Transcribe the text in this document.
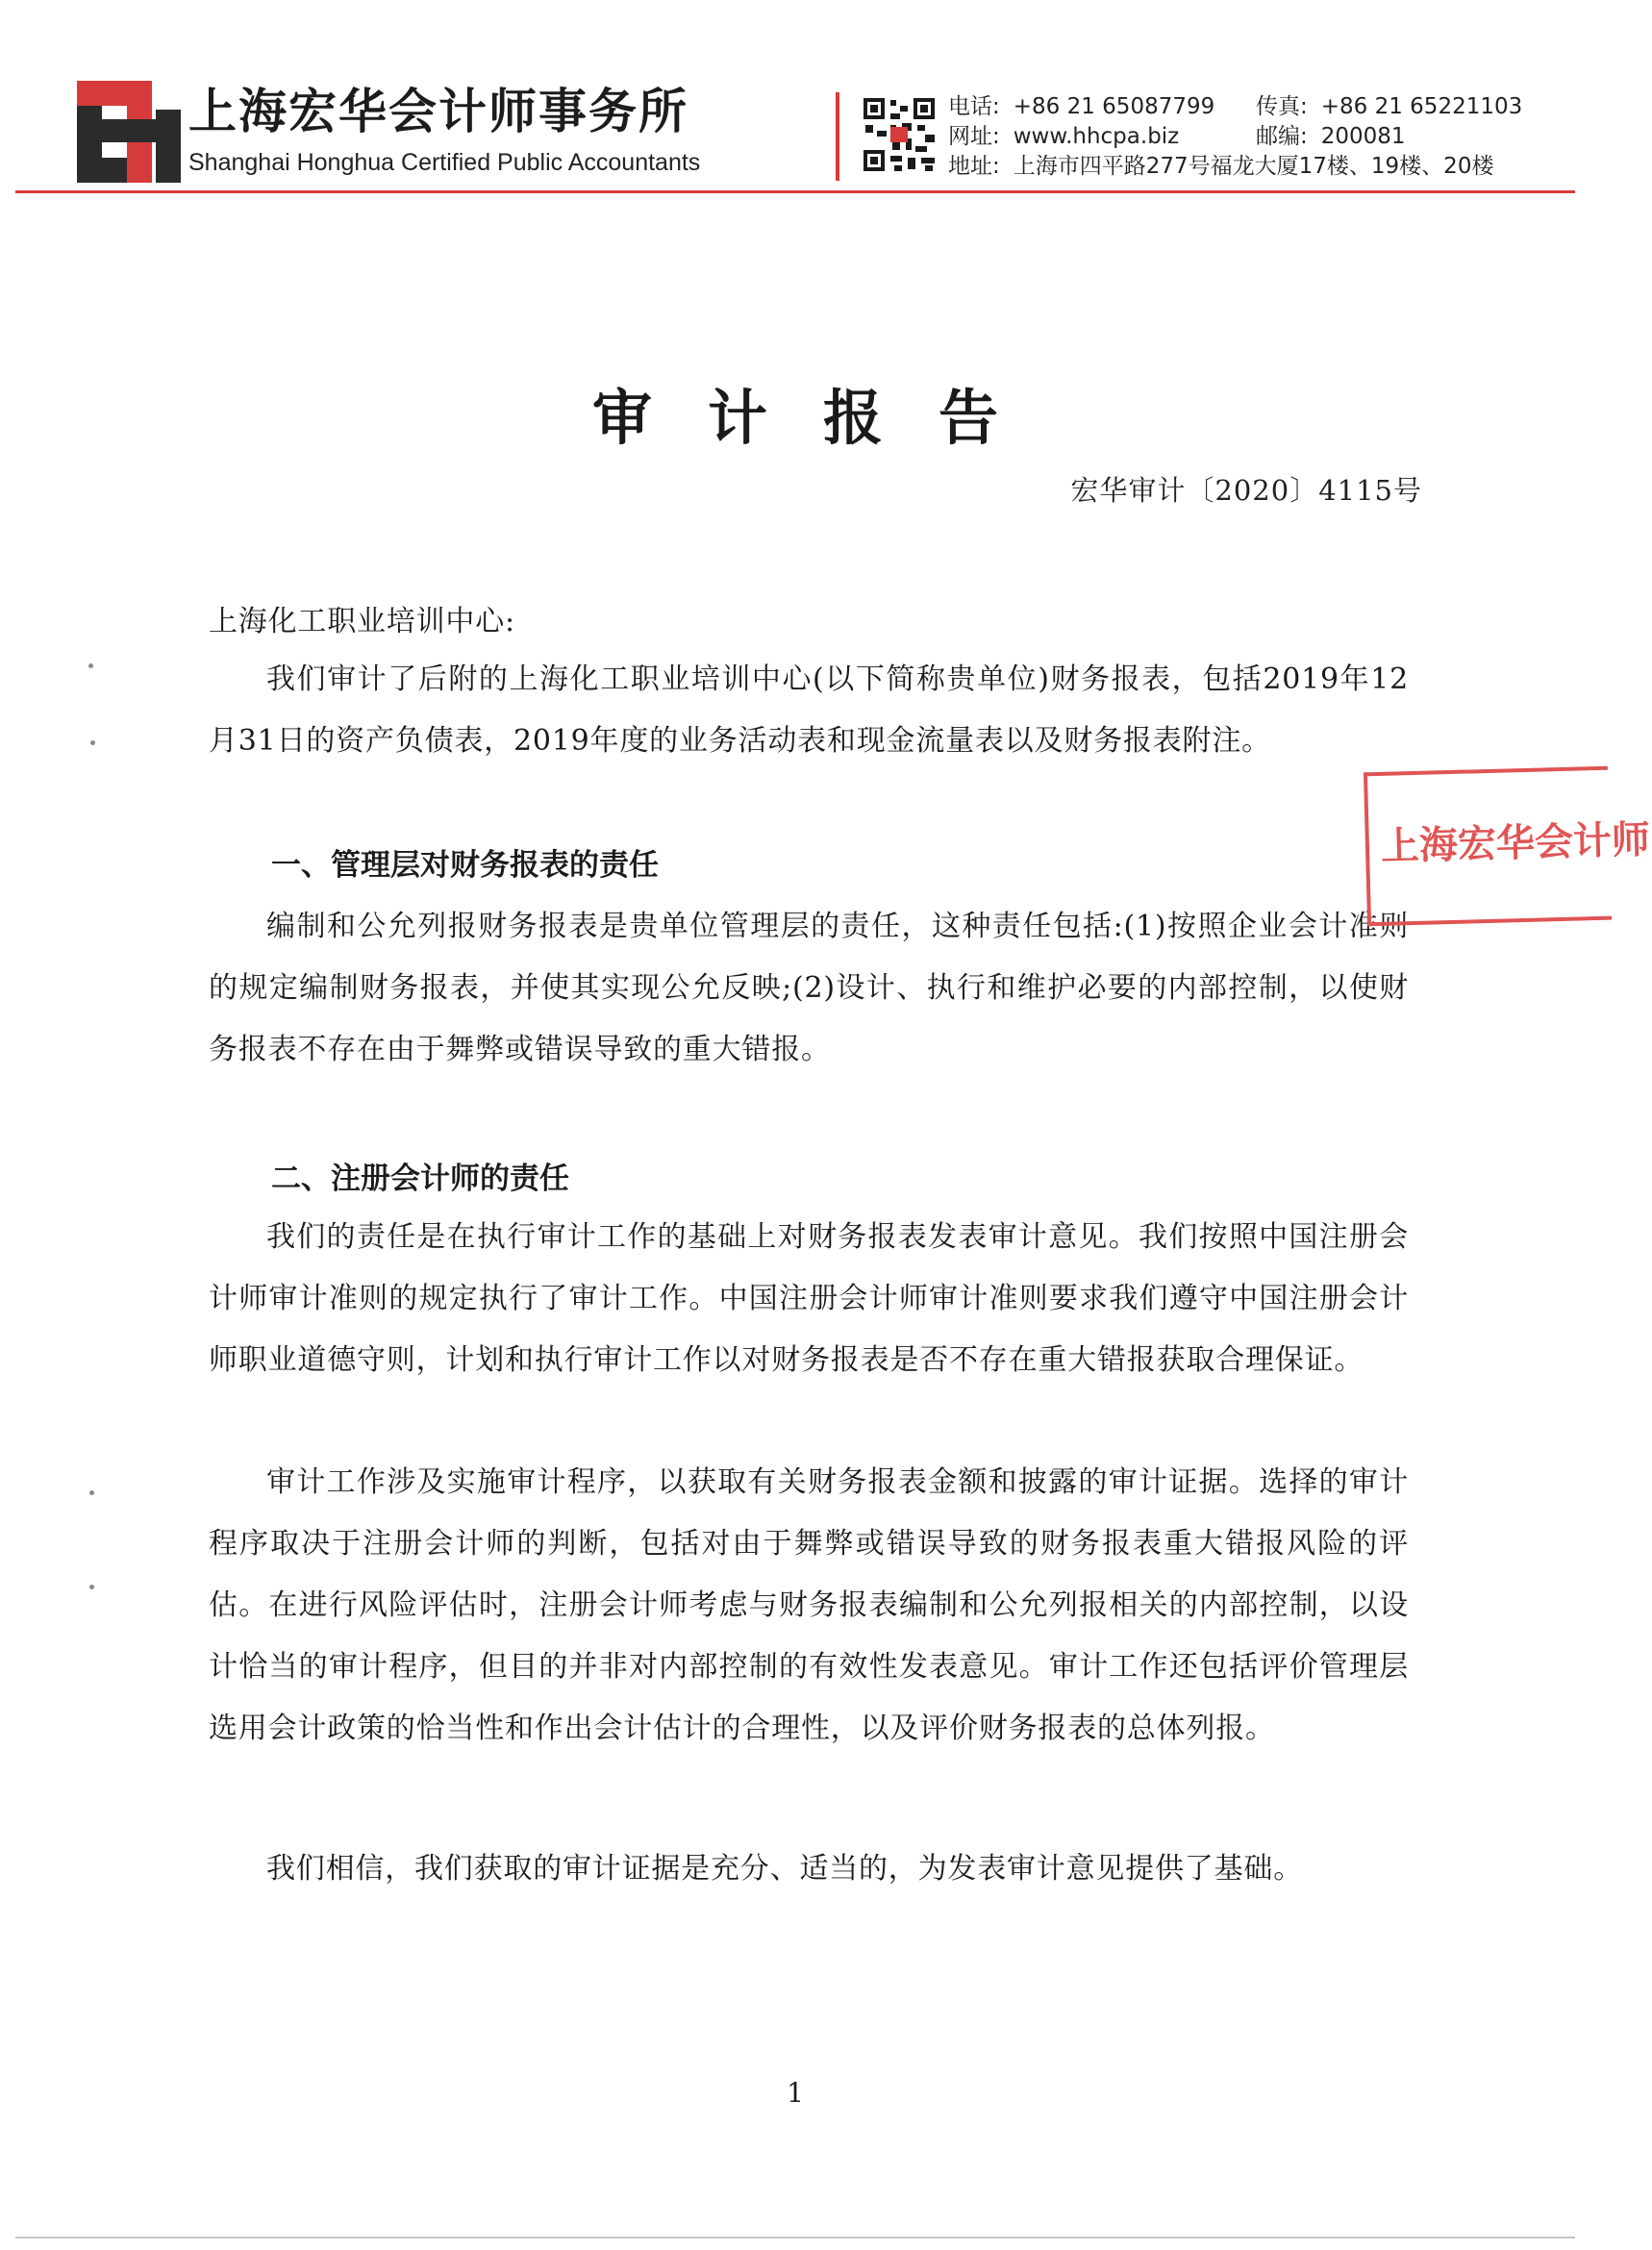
上海宏华会计师事务所
Shanghai Honghua Certified Public Accountants
电话: +86 21 65087799 传真: +86 21 65221103
网址: www.hhcpa.biz	邮编: 200081
地址: 上海市四平路277号福龙大厦17楼、19楼、20楼
审计报告
宏华审计〔2020〕4115号

上海化工职业培训中心:

我们审计了后附的上海化工职业培训中心(以下简称贵单位)财务报表，包括2019年12月31日的资产负债表，2019年度的业务活动表和现金流量表以及财务报表附注。

一、管理层对财务报表的责任

编制和公允列报财务报表是贵单位管理层的责任，这种责任包括:(1)按照企业会计准则的规定编制财务报表，并使其实现公允反映;(2)设计、执行和维护必要的内部控制，以使财务报表不存在由于舞弊或错误导致的重大错报。

二、注册会计师的责任

我们的责任是在执行审计工作的基础上对财务报表发表审计意见。我们按照中国注册会计师审计准则的规定执行了审计工作。中国注册会计师审计准则要求我们遵守中国注册会计师职业道德守则，计划和执行审计工作以对财务报表是否不存在重大错报获取合理保证。

审计工作涉及实施审计程序，以获取有关财务报表金额和披露的审计证据。选择的审计程序取决于注册会计师的判断，包括对由于舞弊或错误导致的财务报表重大错报风险的评估。在进行风险评估时，注册会计师考虑与财务报表编制和公允列报相关的内部控制，以设计恰当的审计程序，但目的并非对内部控制的有效性发表意见。审计工作还包括评价管理层选用会计政策的恰当性和作出会计估计的合理性，以及评价财务报表的总体列报。

我们相信，我们获取的审计证据是充分、适当的，为发表审计意见提供了基础。

上海宏华会计师
1
